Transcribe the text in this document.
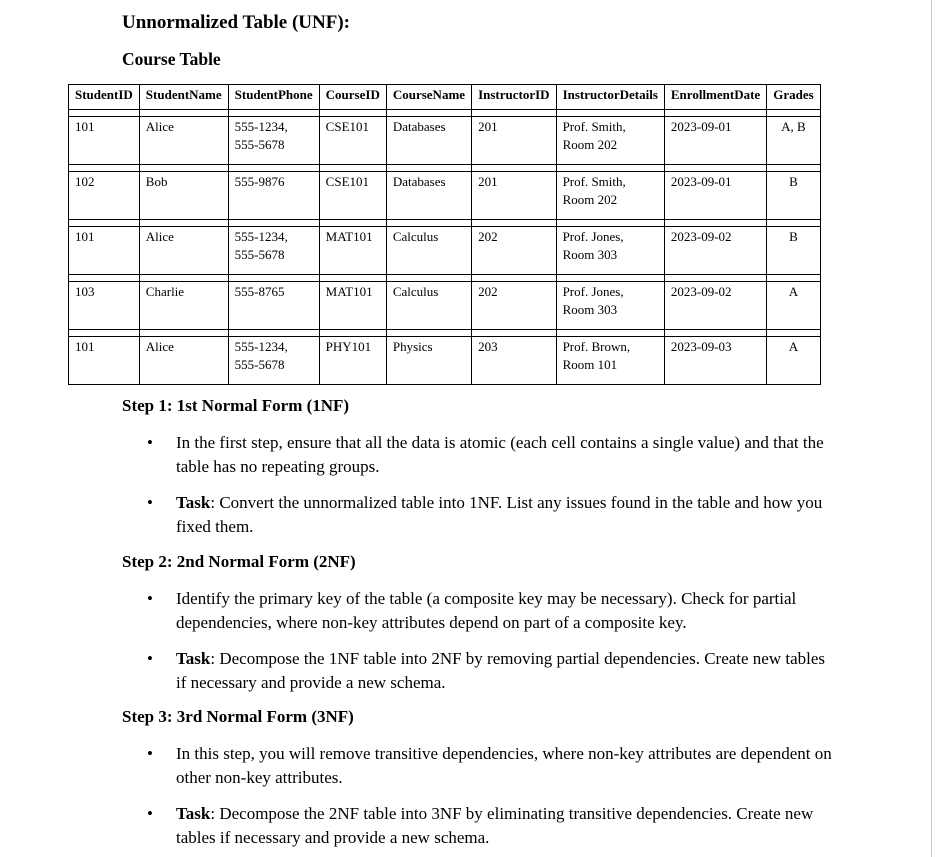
Unnormalized Table (UNF):
Course Table
StudentID	StudentName	StudentPhone	CourseID	CourseName	InstructorID	InstructorDetails	EnrollmentDate	Grades

101	Alice	555-1234,
555-5678	CSE101	Databases	201	Prof. Smith,
Room 202	2023-09-01	A, B

102	Bob	555-9876	CSE101	Databases	201	Prof. Smith,
Room 202	2023-09-01	B

101	Alice	555-1234,
555-5678	MAT101	Calculus	202	Prof. Jones,
Room 303	2023-09-02	B

103	Charlie	555-8765	MAT101	Calculus	202	Prof. Jones,
Room 303	2023-09-02	A

101	Alice	555-1234,
555-5678	PHY101	Physics	203	Prof. Brown,
Room 101	2023-09-03	A
Step 1: 1st Normal Form (1NF)
• In the first step, ensure that all the data is atomic (each cell contains a single value) and that the table has no repeating groups.
• Task: Convert the unnormalized table into 1NF. List any issues found in the table and how you fixed them.
Step 2: 2nd Normal Form (2NF)
• Identify the primary key of the table (a composite key may be necessary). Check for partial dependencies, where non-key attributes depend on part of a composite key.
• Task: Decompose the 1NF table into 2NF by removing partial dependencies. Create new tables if necessary and provide a new schema.
Step 3: 3rd Normal Form (3NF)
• In this step, you will remove transitive dependencies, where non-key attributes are dependent on other non-key attributes.
• Task: Decompose the 2NF table into 3NF by eliminating transitive dependencies. Create new tables if necessary and provide a new schema.
